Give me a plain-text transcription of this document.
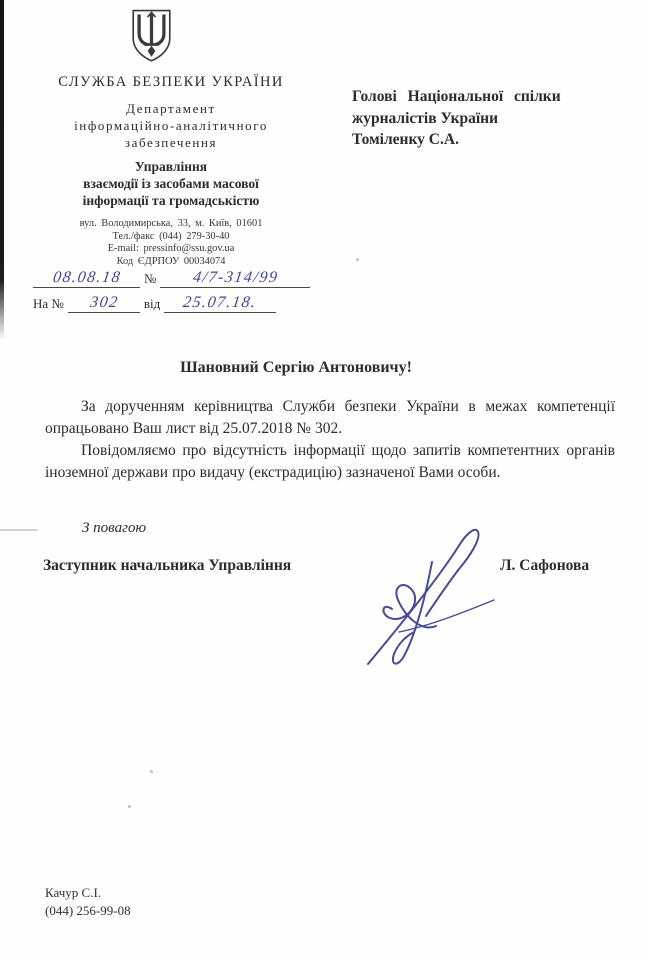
СЛУЖБА БЕЗПЕКИ УКРАЇНИ
Департамент
інформаційно-аналітичного
забезпечення
Управління
взаємодії із засобами масової
інформації та громадськістю
вул. Володимирська, 33, м. Київ, 01601
Тел./факс (044) 279-30-40
E-mail: pressinfo@ssu.gov.ua
Код ЄДРПОУ 00034074
08.08.18	№ 4/7-314/99
На № 302	від 25.07.18.
Голові Національної спілки
журналістів України
Томіленку С.А.
Шановний Сергію Антоновичу!

За дорученням керівництва Служби безпеки України в межах компетенції опрацьовано Ваш лист від 25.07.2018 № 302.

Повідомляємо про відсутність інформації щодо запитів компетентних органів іноземної держави про видачу (екстрадицію) зазначеної Вами особи.

З повагою
Заступник начальника Управління	Л. Сафонова
Качур С.І.
(044) 256-99-08
